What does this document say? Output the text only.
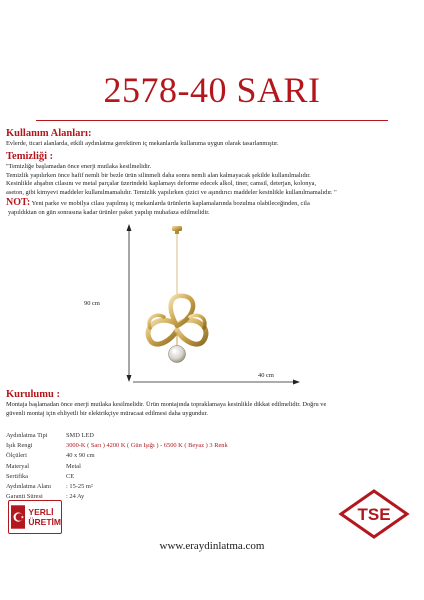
2578-40 SARI
Kullanım Alanları:
Evlerde, ticari alanlarda, etkili aydınlatma gerektiren iç mekanlarda kullanıma uygun olarak tasarlanmıştır.
Temizliği :
"Temizliğe başlamadan önce enerji mutlaka kesilmelidir.
Temizlik yapılırken önce hafif nemli bir bezle ürün silinmeli daha sonra nemli alan kalmayacak şekilde kullanılmalıdır.
Kesinlikle ahşabın cilasını ve metal parçalar üzerindeki kaplamayı deforme edecek alkol, tiner, camsil, deterjan, kolonya,
aseton, gibi kimyevi maddeler kullanılmamalıdır. Temizlik yapılırken çizici ve aşındırıcı maddeler kesinlikle kullanılmamalıdır. "
NOT: Yeni parke ve mobilya cilası yapılmış iç mekanlarda ürünlerin kaplamalarında bozulma olabileceğinden, cila
yapıldıktan on gün sonrasına kadar ürünler paket yapılıp muhafaza edilmelidir.
90 cm
40 cm
Kurulumu :
Montaja başlamadan önce enerji mutlaka kesilmelidir. Ürün montajında topraklamaya kesinlikle dikkat edilmelidir. Doğru ve
güvenli montaj için ehliyetli bir elektrikçiye müracaat edilmesi daha uygundur.
Aydınlatma Tipi	SMD LED
Işık Rengi	3000-K ( Sarı ) 4200 K ( Gün Işığı ) - 6500 K ( Beyaz ) 3 Renk
Ölçüleri	40 x 90 cm
Materyal	Metal
Sertifika	CE
Aydınlatma Alanı	: 15-25 m²
Garanti Süresi	: 24 Ay
YERLİ
ÜRETİM	TSE
www.eraydinlatma.com
